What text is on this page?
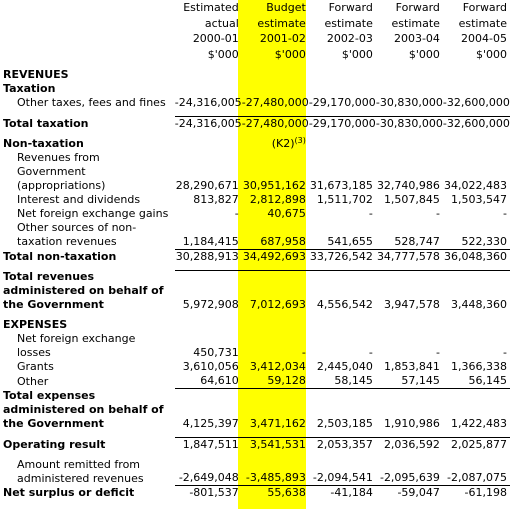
	Estimated	Budget	Forward	Forward	Forward
	actual	estimate	estimate	estimate	estimate
	2000-01	2001-02	2002-03	2003-04	2004-05
	$'000	$'000	$'000	$'000	$'000

REVENUES					
Taxation					
Other taxes, fees and fines	-24,316,005	-27,480,000	-29,170,000	-30,830,000	-32,600,000

Total taxation	-24,316,005	-27,480,000	-29,170,000	-30,830,000	-32,600,000

Non-taxation		$(K2)^{(3)}$			
Revenues from Government (appropriations)	28,290,671	30,951,162	31,673,185	32,740,986	34,022,483
Interest and dividends	813,827	2,812,898	1,511,702	1,507,845	1,503,547
Net foreign exchange gains	-	40,675	-	-	-
Other sources of non-taxation revenues	1,184,415	687,958	541,655	528,747	522,330
Total non-taxation	30,288,913	34,492,693	33,726,542	34,777,578	36,048,360

Total revenues administered on behalf of the Government	5,972,908	7,012,693	4,556,542	3,947,578	3,448,360

EXPENSES					
Net foreign exchange losses	450,731	-	-	-	-
Grants	3,610,056	3,412,034	2,445,040	1,853,841	1,366,338
Other	64,610	59,128	58,145	57,145	56,145
Total expenses administered on behalf of the Government	4,125,397	3,471,162	2,503,185	1,910,986	1,422,483

Operating result	1,847,511	3,541,531	2,053,357	2,036,592	2,025,877

Amount remitted from administered revenues	-2,649,048	-3,485,893	-2,094,541	-2,095,639	-2,087,075
Net surplus or deficit	-801,537	55,638	-41,184	-59,047	-61,198
